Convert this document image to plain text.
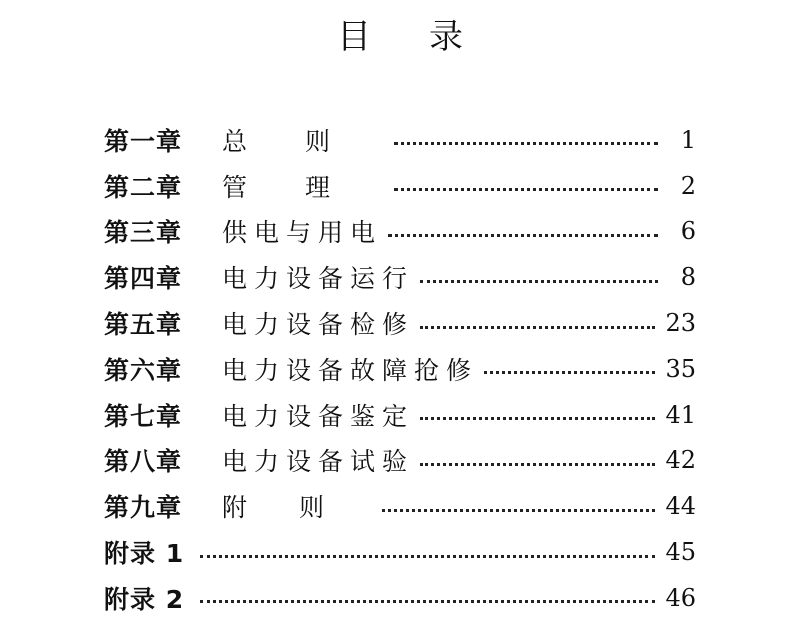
目 录
第一章	总则	1
第二章	管理	2
第三章	供电与用电	6
第四章	电力设备运行	8
第五章	电力设备检修	23
第六章	电力设备故障抢修	35
第七章	电力设备鉴定	41
第八章	电力设备试验	42
第九章	附则	44
附录 1	45
附录 2	46
